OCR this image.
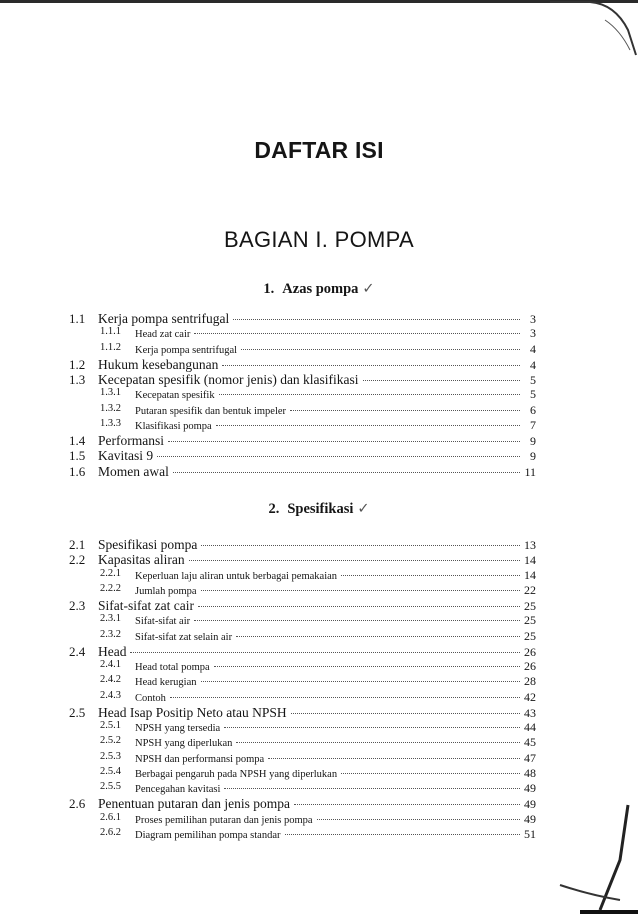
DAFTAR ISI
BAGIAN I. POMPA
1. Azas pompa ✓
1.1 Kerja pompa sentrifugal	3
1.1.1 Head zat cair	3
1.1.2 Kerja pompa sentrifugal	4
1.2 Hukum kesebangunan	4
1.3 Kecepatan spesifik (nomor jenis) dan klasifikasi	5
1.3.1 Kecepatan spesifik	5
1.3.2 Putaran spesifik dan bentuk impeler	6
1.3.3 Klasifikasi pompa	7
1.4 Performansi	9
1.5 Kavitasi 9	9
1.6 Momen awal	11
2. Spesifikasi ✓
2.1 Spesifikasi pompa	13
2.2 Kapasitas aliran	14
2.2.1 Keperluan laju aliran untuk berbagai pemakaian	14
2.2.2 Jumlah pompa	22
2.3 Sifat-sifat zat cair	25
2.3.1 Sifat-sifat air	25
2.3.2 Sifat-sifat zat selain air	25
2.4 Head	26
2.4.1 Head total pompa	26
2.4.2 Head kerugian	28
2.4.3 Contoh	42
2.5 Head Isap Positip Neto atau NPSH	43
2.5.1 NPSH yang tersedia	44
2.5.2 NPSH yang diperlukan	45
2.5.3 NPSH dan performansi pompa	47
2.5.4 Berbagai pengaruh pada NPSH yang diperlukan	48
2.5.5 Pencegahan kavitasi	49
2.6 Penentuan putaran dan jenis pompa	49
2.6.1 Proses pemilihan putaran dan jenis pompa	49
2.6.2 Diagram pemilihan pompa standar	51
